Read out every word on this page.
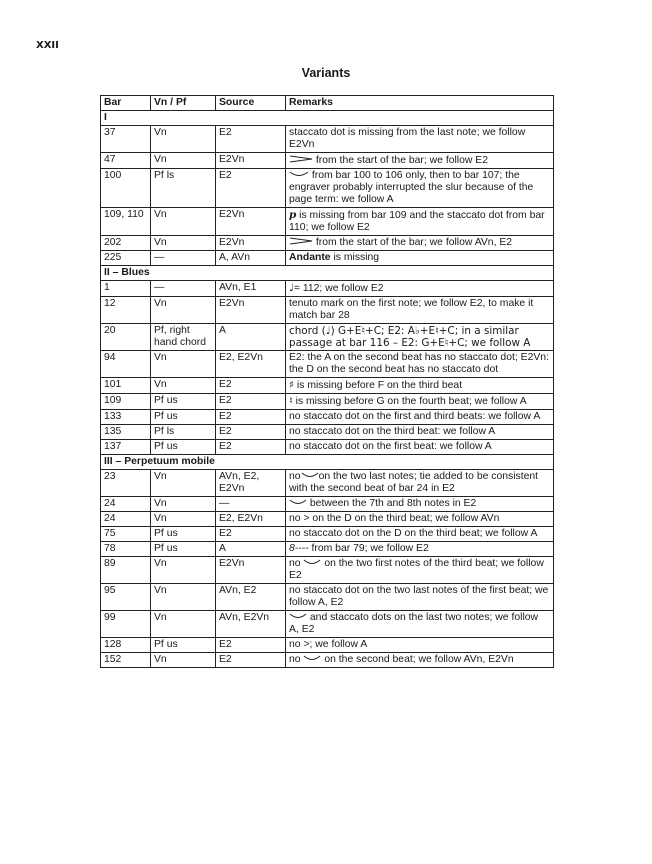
XXII
Variants
Bar	Vn / Pf	Source	Remarks
I			
37	Vn	E2	staccato dot is missing from the last note; we follow E2Vn
47	Vn	E2Vn	from the start of the bar; we follow E2
100	Pf ls	E2	from bar 100 to 106 only, then to bar 107; the engraver probably interrupted the slur because of the page term: we follow A
109, 110	Vn	E2Vn	p is missing from bar 109 and the staccato dot from bar 110; we follow E2
202	Vn	E2Vn	from the start of the bar; we follow AVn, E2
225	—	A, AVn	Andante is missing
II – Blues			
1	—	AVn, E1	♩= 112; we follow E2
12	Vn	E2Vn	tenuto mark on the first note; we follow E2, to make it match bar 28
20	Pf, right hand chord	A	chord (♩) G+E♮+C; E2: A♭+E♮+C; in a similar passage at bar 116 – E2: G+E♮+C; we follow A
94	Vn	E2, E2Vn	E2: the A on the second beat has no staccato dot; E2Vn: the D on the second beat has no staccato dot
101	Vn	E2	♯ is missing before F on the third beat
109	Pf us	E2	♮ is missing before G on the fourth beat; we follow A
133	Pf us	E2	no staccato dot on the first and third beats: we follow A
135	Pf ls	E2	no staccato dot on the third beat: we follow A
137	Pf us	E2	no staccato dot on the first beat: we follow A
III – Perpetuum mobile			
23	Vn	AVn, E2, E2Vn	no on the two last notes; tie added to be consistent with the second beat of bar 24 in E2
24	Vn	—	between the 7th and 8th notes in E2
24	Vn	E2, E2Vn	no > on the D on the third beat; we follow AVn
75	Pf us	E2	no staccato dot on the D on the third beat; we follow A
78	Pf us	A	8---- from bar 79; we follow E2
89	Vn	E2Vn	no on the two first notes of the third beat; we follow E2
95	Vn	AVn, E2	no staccato dot on the two last notes of the first beat; we follow A, E2
99	Vn	AVn, E2Vn	and staccato dots on the last two notes; we follow A, E2
128	Pf us	E2	no >; we follow A
152	Vn	E2	no on the second beat; we follow AVn, E2Vn
